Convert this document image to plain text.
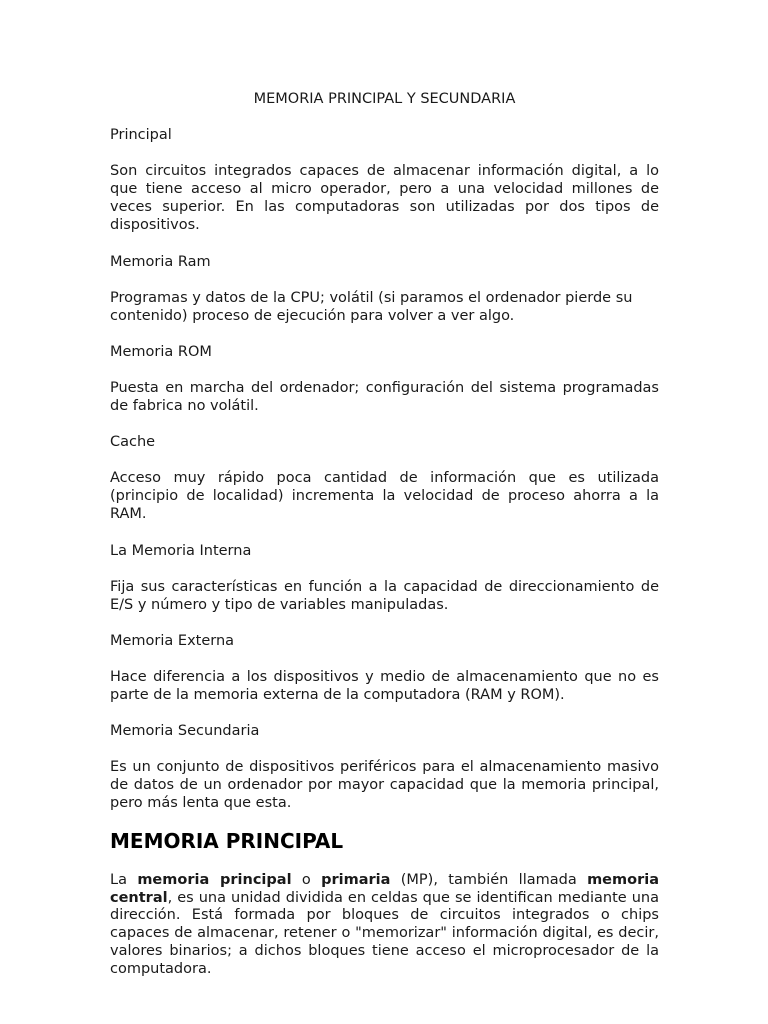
MEMORIA PRINCIPAL Y SECUNDARIA

Principal

Son circuitos integrados capaces de almacenar información digital, a lo que tiene acceso al micro operador, pero a una velocidad millones de veces superior. En las computadoras son utilizadas por dos tipos de dispositivos.

Memoria Ram

Programas y datos de la CPU; volátil (si paramos el ordenador pierde su contenido) proceso de ejecución para volver a ver algo.

Memoria ROM

Puesta en marcha del ordenador; configuración del sistema programadas de fabrica no volátil.

Cache

Acceso muy rápido poca cantidad de información que es utilizada (principio de localidad) incrementa la velocidad de proceso ahorra a la RAM.

La Memoria Interna

Fija sus características en función a la capacidad de direccionamiento de E/S y número y tipo de variables manipuladas.

Memoria Externa

Hace diferencia a los dispositivos y medio de almacenamiento que no es parte de la memoria externa de la computadora (RAM y ROM).

Memoria Secundaria

Es un conjunto de dispositivos periféricos para el almacenamiento masivo de datos de un ordenador por mayor capacidad que la memoria principal, pero más lenta que esta.

MEMORIA PRINCIPAL

La memoria principal o primaria (MP), también llamada memoria central, es una unidad dividida en celdas que se identifican mediante una dirección. Está formada por bloques de circuitos integrados o chips capaces de almacenar, retener o "memorizar" información digital, es decir, valores binarios; a dichos bloques tiene acceso el microprocesador de la computadora.
